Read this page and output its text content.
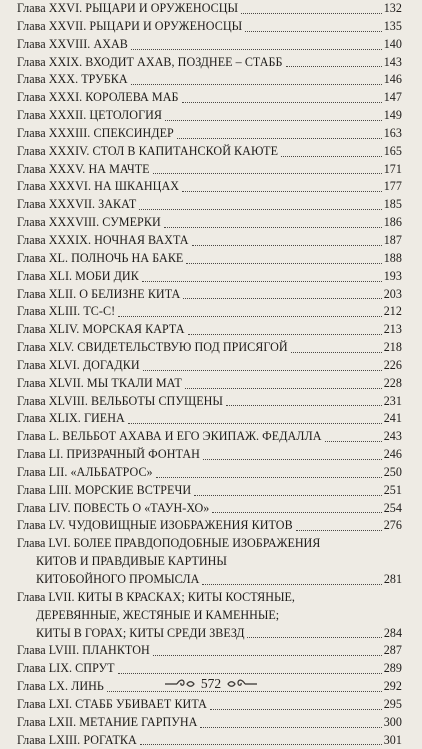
Глава XXVI. РЫЦАРИ И ОРУЖЕНОСЦЫ	132
Глава XXVII. РЫЦАРИ И ОРУЖЕНОСЦЫ	135
Глава XXVIII. АХАВ	140
Глава XXIX. ВХОДИТ АХАВ, ПОЗДНЕЕ – СТАББ	143
Глава XXX. ТРУБКА	146
Глава XXXI. КОРОЛЕВА МАБ	147
Глава XXXII. ЦЕТОЛОГИЯ	149
Глава XXXIII. СПЕКСИНДЕР	163
Глава XXXIV. СТОЛ В КАПИТАНСКОЙ КАЮТЕ	165
Глава XXXV. НА МАЧТЕ	171
Глава XXXVI. НА ШКАНЦАХ	177
Глава XXXVII. ЗАКАТ	185
Глава XXXVIII. СУМЕРКИ	186
Глава XXXIX. НОЧНАЯ ВАХТА	187
Глава XL. ПОЛНОЧЬ НА БАКЕ	188
Глава XLI. МОБИ ДИК	193
Глава XLII. О БЕЛИЗНЕ КИТА	203
Глава XLIII. ТС-С!	212
Глава XLIV. МОРСКАЯ КАРТА	213
Глава XLV. СВИДЕТЕЛЬСТВУЮ ПОД ПРИСЯГОЙ	218
Глава XLVI. ДОГАДКИ	226
Глава XLVII. МЫ ТКАЛИ МАТ	228
Глава XLVIII. ВЕЛЬБОТЫ СПУЩЕНЫ	231
Глава XLIX. ГИЕНА	241
Глава L. ВЕЛЬБОТ АХАВА И ЕГО ЭКИПАЖ. ФЕДАЛЛА	243
Глава LI. ПРИЗРАЧНЫЙ ФОНТАН	246
Глава LII. «АЛЬБАТРОС»	250
Глава LIII. МОРСКИЕ ВСТРЕЧИ	251
Глава LIV. ПОВЕСТЬ О «ТАУН-ХО»	254
Глава LV. ЧУДОВИЩНЫЕ ИЗОБРАЖЕНИЯ КИТОВ	276
Глава LVI. БОЛЕЕ ПРАВДОПОДОБНЫЕ ИЗОБРАЖЕНИЯ
КИТОВ И ПРАВДИВЫЕ КАРТИНЫ
КИТОБОЙНОГО ПРОМЫСЛА	281
Глава LVII. КИТЫ В КРАСКАХ; КИТЫ КОСТЯНЫЕ,
ДЕРЕВЯННЫЕ, ЖЕСТЯНЫЕ И КАМЕННЫЕ;
КИТЫ В ГОРАХ; КИТЫ СРЕДИ ЗВЕЗД	284
Глава LVIII. ПЛАНКТОН	287
Глава LIX. СПРУТ	289
Глава LX. ЛИНЬ	292
Глава LXI. СТАББ УБИВАЕТ КИТА	295
Глава LXII. МЕТАНИЕ ГАРПУНА	300
Глава LXIII. РОГАТКА	301
572
